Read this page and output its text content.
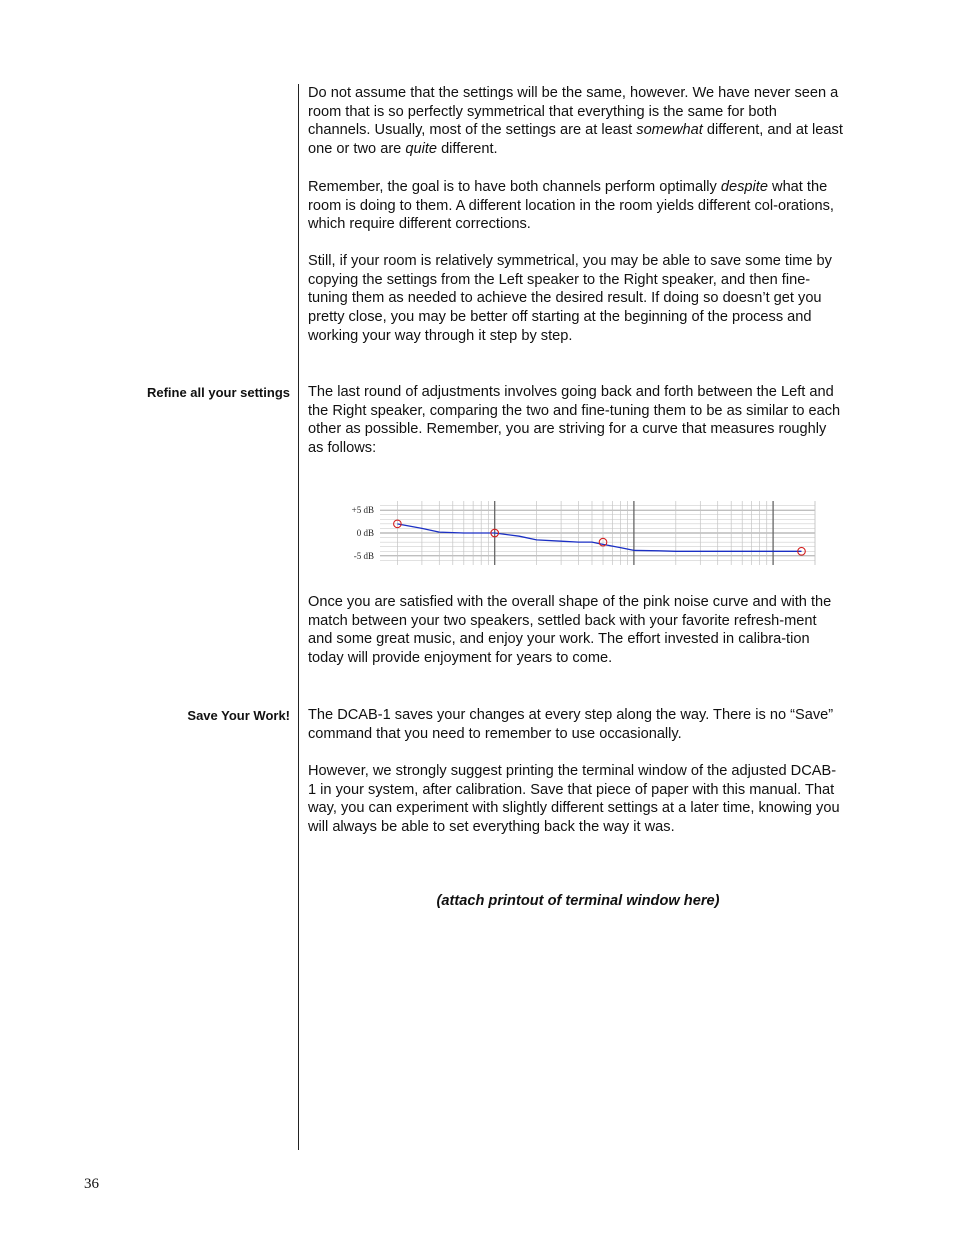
Do not assume that the settings will be the same, however. We have never seen a room that is so perfectly symmetrical that everything is the same for both channels. Usually, most of the settings are at least somewhat different, and at least one or two are quite different.

Remember, the goal is to have both channels perform optimally despite what the room is doing to them. A different location in the room yields different col-orations, which require different corrections.

Still, if your room is relatively symmetrical, you may be able to save some time by copying the settings from the Left speaker to the Right speaker, and then fine-tuning them as needed to achieve the desired result. If doing so doesn’t get you pretty close, you may be better off starting at the beginning of the process and working your way through it step by step.

Refine all your settings The last round of adjustments involves going back and forth between the Left and the Right speaker, comparing the two and fine-tuning them to be as similar to each other as possible. Remember, you are striving for a curve that measures roughly as follows:

+5 dB
0 dB
-5 dB

Once you are satisfied with the overall shape of the pink noise curve and with the match between your two speakers, settled back with your favorite refresh-ment and some great music, and enjoy your work. The effort invested in calibra-tion today will provide enjoyment for years to come.

Save Your Work! The DCAB-1 saves your changes at every step along the way. There is no “Save” command that you need to remember to use occasionally.

However, we strongly suggest printing the terminal window of the adjusted DCAB-1 in your system, after calibration. Save that piece of paper with this manual. That way, you can experiment with slightly different settings at a later time, knowing you will always be able to set everything back the way it was.

(attach printout of terminal window here)
36
